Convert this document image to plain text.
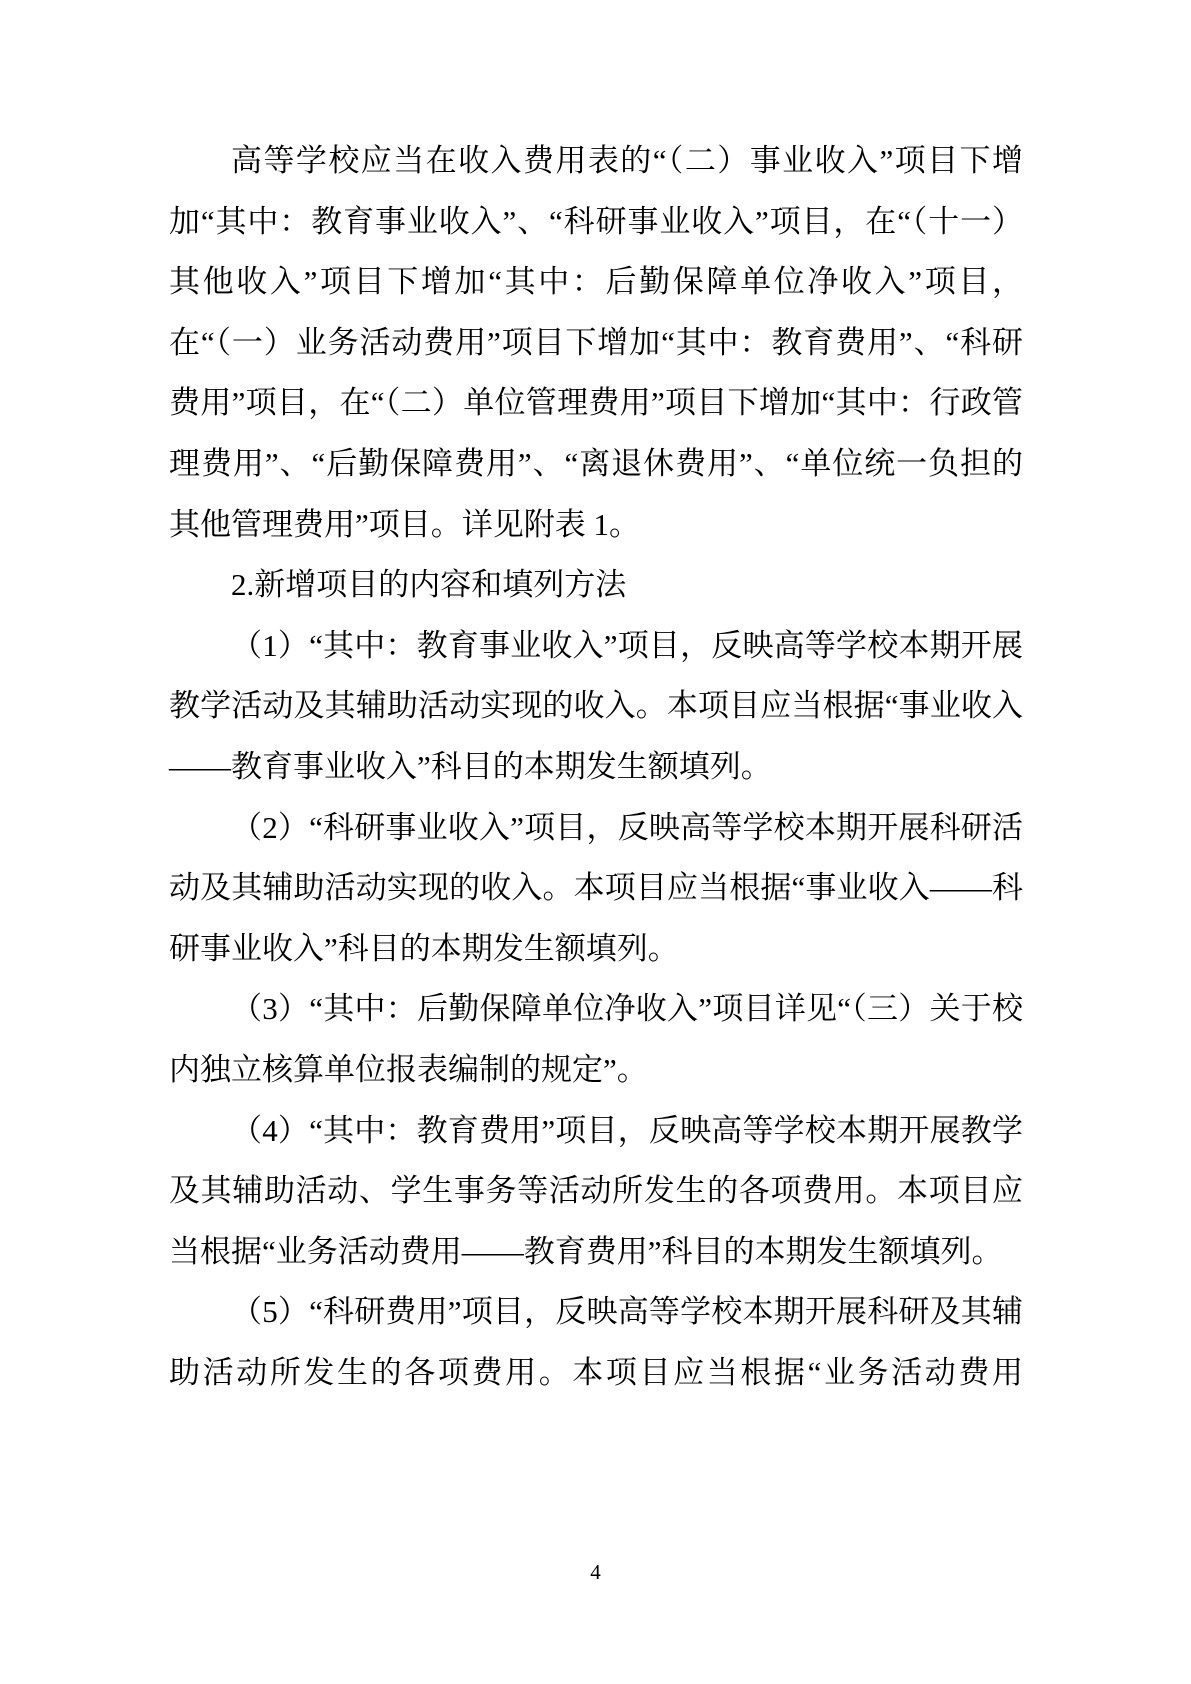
高等学校应当在收入费用表的“（二）事业收入”项目下增加“其中：教育事业收入”、“科研事业收入”项目，在“（十一）其他收入”项目下增加“其中：后勤保障单位净收入”项目，在“（一）业务活动费用”项目下增加“其中：教育费用”、“科研费用”项目，在“（二）单位管理费用”项目下增加“其中：行政管理费用”、“后勤保障费用”、“离退休费用”、“单位统一负担的其他管理费用”项目。详见附表 1。

2.新增项目的内容和填列方法

（1）“其中：教育事业收入”项目，反映高等学校本期开展教学活动及其辅助活动实现的收入。本项目应当根据“事业收入——教育事业收入”科目的本期发生额填列。

（2）“科研事业收入”项目，反映高等学校本期开展科研活动及其辅助活动实现的收入。本项目应当根据“事业收入——科研事业收入”科目的本期发生额填列。

（3）“其中：后勤保障单位净收入”项目详见“（三）关于校内独立核算单位报表编制的规定”。

（4）“其中：教育费用”项目，反映高等学校本期开展教学及其辅助活动、学生事务等活动所发生的各项费用。本项目应当根据“业务活动费用——教育费用”科目的本期发生额填列。

（5）“科研费用”项目，反映高等学校本期开展科研及其辅助活动所发生的各项费用。本项目应当根据“业务活动费用

4
